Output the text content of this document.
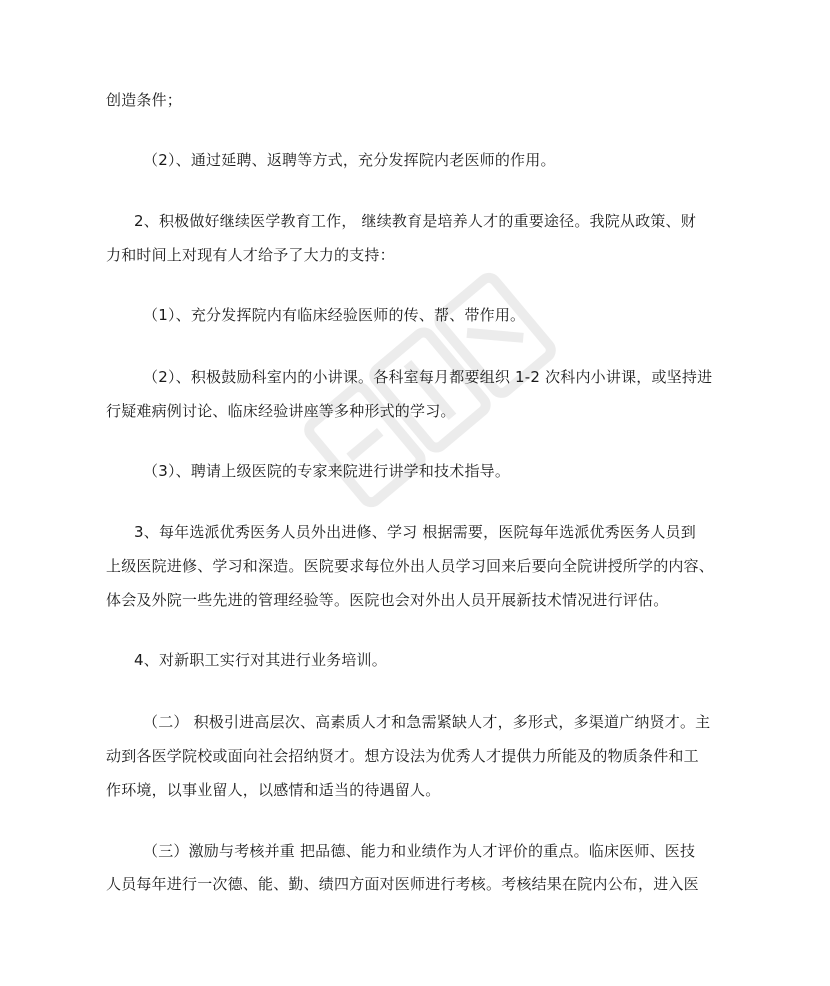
创造条件；
（2）、通过延聘、返聘等方式，充分发挥院内老医师的作用。
2、积极做好继续医学教育工作， 继续教育是培养人才的重要途径。我院从政策、财
力和时间上对现有人才给予了大力的支持：
（1）、充分发挥院内有临床经验医师的传、帮、带作用。
（2）、积极鼓励科室内的小讲课。各科室每月都要组织 1-2 次科内小讲课，或坚持进
行疑难病例讨论、临床经验讲座等多种形式的学习。
（3）、聘请上级医院的专家来院进行讲学和技术指导。
3、每年选派优秀医务人员外出进修、学习 根据需要，医院每年选派优秀医务人员到
上级医院进修、学习和深造。医院要求每位外出人员学习回来后要向全院讲授所学的内容、
体会及外院一些先进的管理经验等。医院也会对外出人员开展新技术情况进行评估。
4、对新职工实行对其进行业务培训。
（二） 积极引进高层次、高素质人才和急需紧缺人才，多形式，多渠道广纳贤才。主
动到各医学院校或面向社会招纳贤才。想方设法为优秀人才提供力所能及的物质条件和工
作环境，以事业留人，以感情和适当的待遇留人。
（三）激励与考核并重 把品德、能力和业绩作为人才评价的重点。临床医师、医技
人员每年进行一次德、能、勤、绩四方面对医师进行考核。考核结果在院内公布，进入医
